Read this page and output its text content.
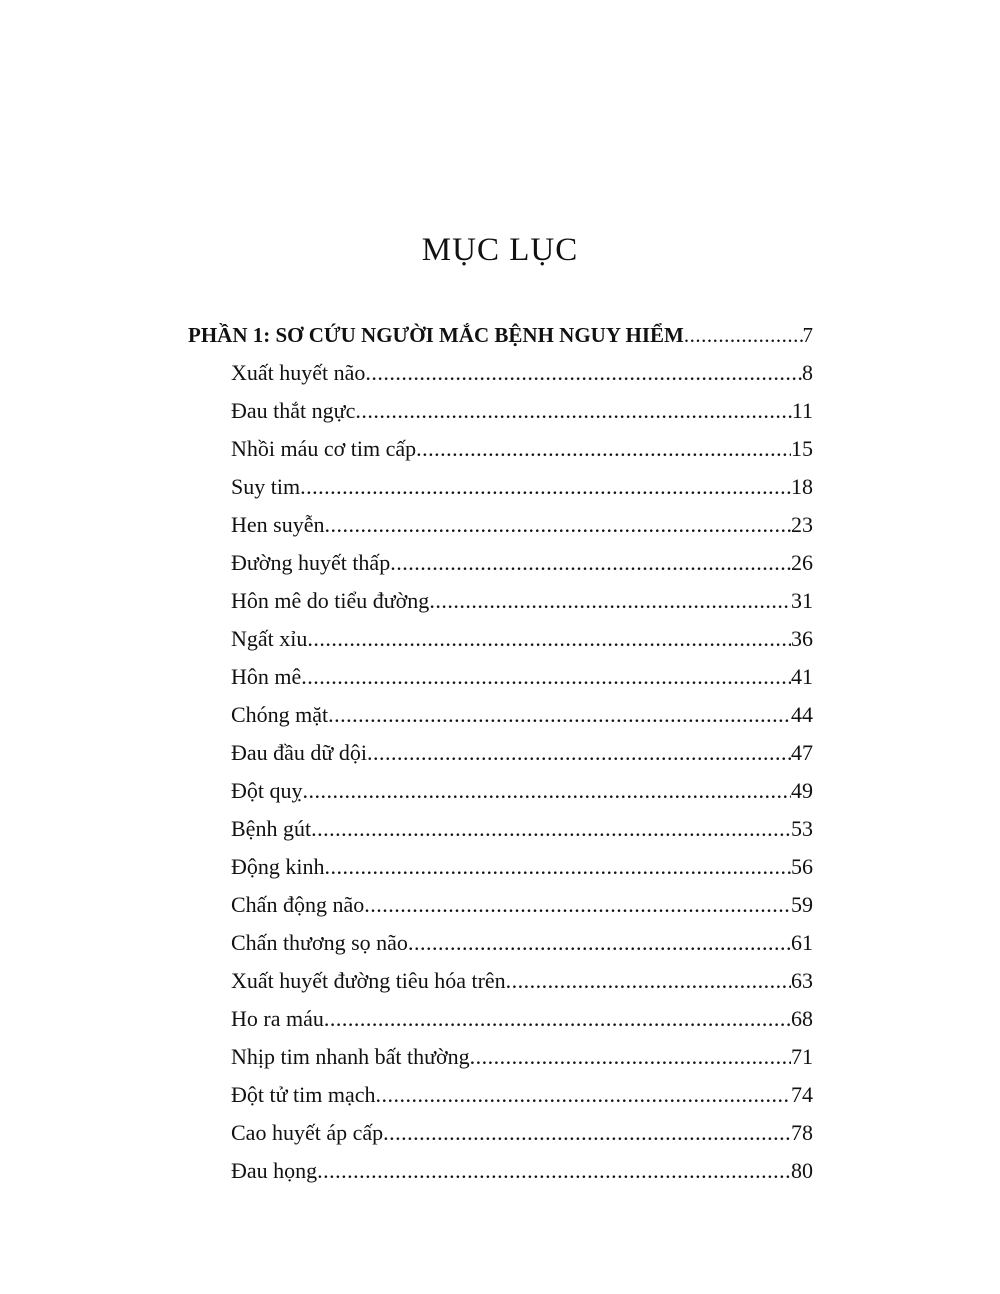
MỤC LỤC
PHẦN 1: SƠ CỨU NGƯỜI MẮC BỆNH NGUY HIỂM .....	7
Xuất huyết não .....	8
Đau thắt ngực .....	11
Nhồi máu cơ tim cấp .....	15
Suy tim .....	18
Hen suyễn .....	23
Đường huyết thấp .....	26
Hôn mê do tiểu đường .....	31
Ngất xỉu .....	36
Hôn mê .....	41
Chóng mặt .....	44
Đau đầu dữ dội .....	47
Đột quỵ .....	49
Bệnh gút .....	53
Động kinh .....	56
Chấn động não .....	59
Chấn thương sọ não .....	61
Xuất huyết đường tiêu hóa trên .....	63
Ho ra máu .....	68
Nhịp tim nhanh bất thường .....	71
Đột tử tim mạch .....	74
Cao huyết áp cấp .....	78
Đau họng .....	80
